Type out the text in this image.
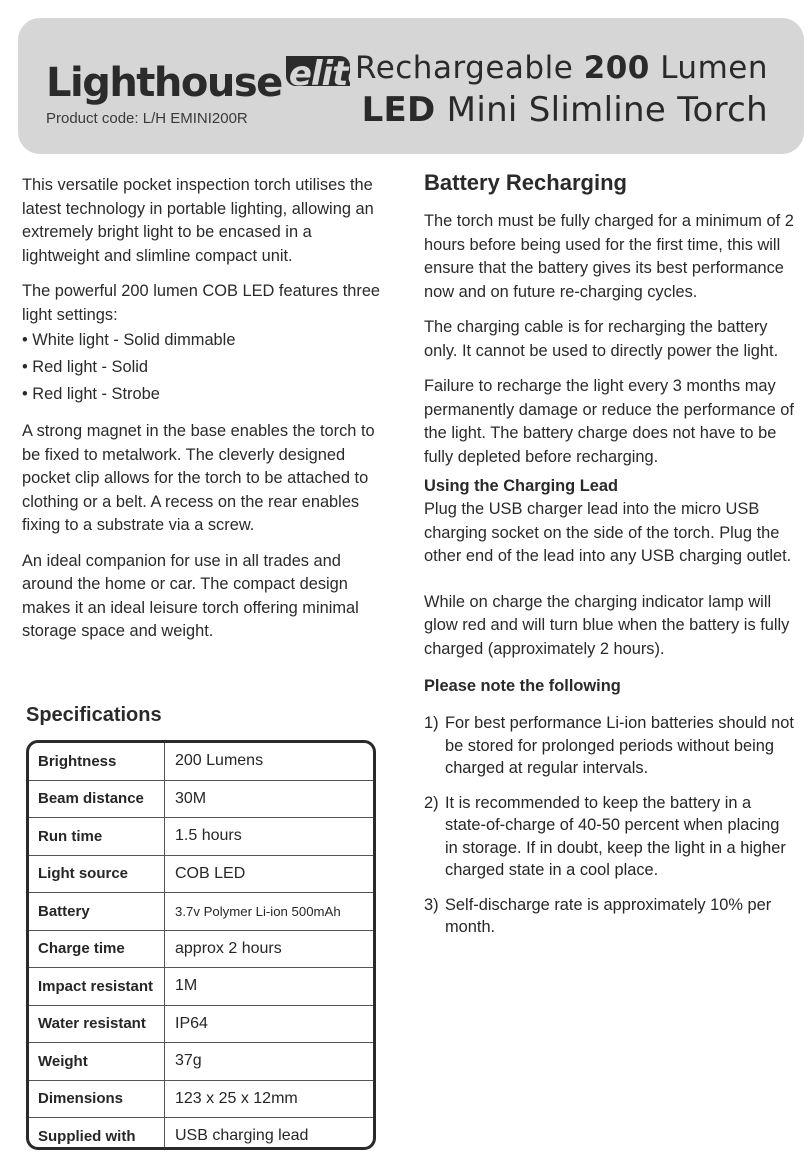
Lighthouse elite
Product code: L/H EMINI200R
Rechargeable 200 Lumen
LED Mini Slimline Torch

This versatile pocket inspection torch utilises the latest technology in portable lighting, allowing an extremely bright light to be encased in a lightweight and slimline compact unit.

The powerful 200 lumen COB LED features three light settings:

• White light - Solid dimmable

• Red light - Solid

• Red light - Strobe

A strong magnet in the base enables the torch to be fixed to metalwork. The cleverly designed pocket clip allows for the torch to be attached to clothing or a belt. A recess on the rear enables fixing to a substrate via a screw.

An ideal companion for use in all trades and around the home or car. The compact design makes it an ideal leisure torch offering minimal storage space and weight.

Specifications
Brightness	200 Lumens
Beam distance	30M
Run time	1.5 hours
Light source	COB LED
Battery	3.7v Polymer Li-ion 500mAh
Charge time	approx 2 hours
Impact resistant	1M
Water resistant	IP64
Weight	37g
Dimensions	123 x 25 x 12mm
Supplied with	USB charging lead
Battery Recharging

The torch must be fully charged for a minimum of 2 hours before being used for the first time, this will ensure that the battery gives its best performance now and on future re-charging cycles.

The charging cable is for recharging the battery only. It cannot be used to directly power the light.

Failure to recharge the light every 3 months may permanently damage or reduce the performance of the light. The battery charge does not have to be fully depleted before recharging.

Using the Charging Lead

Plug the USB charger lead into the micro USB charging socket on the side of the torch. Plug the other end of the lead into any USB charging outlet.

While on charge the charging indicator lamp will glow red and will turn blue when the battery is fully charged (approximately 2 hours).

Please note the following
1) For best performance Li-ion batteries should not be stored for prolonged periods without being charged at regular intervals.
2) It is recommended to keep the battery in a state-of-charge of 40-50 percent when placing in storage. If in doubt, keep the light in a higher charged state in a cool place.
3) Self-discharge rate is approximately 10% per month.
